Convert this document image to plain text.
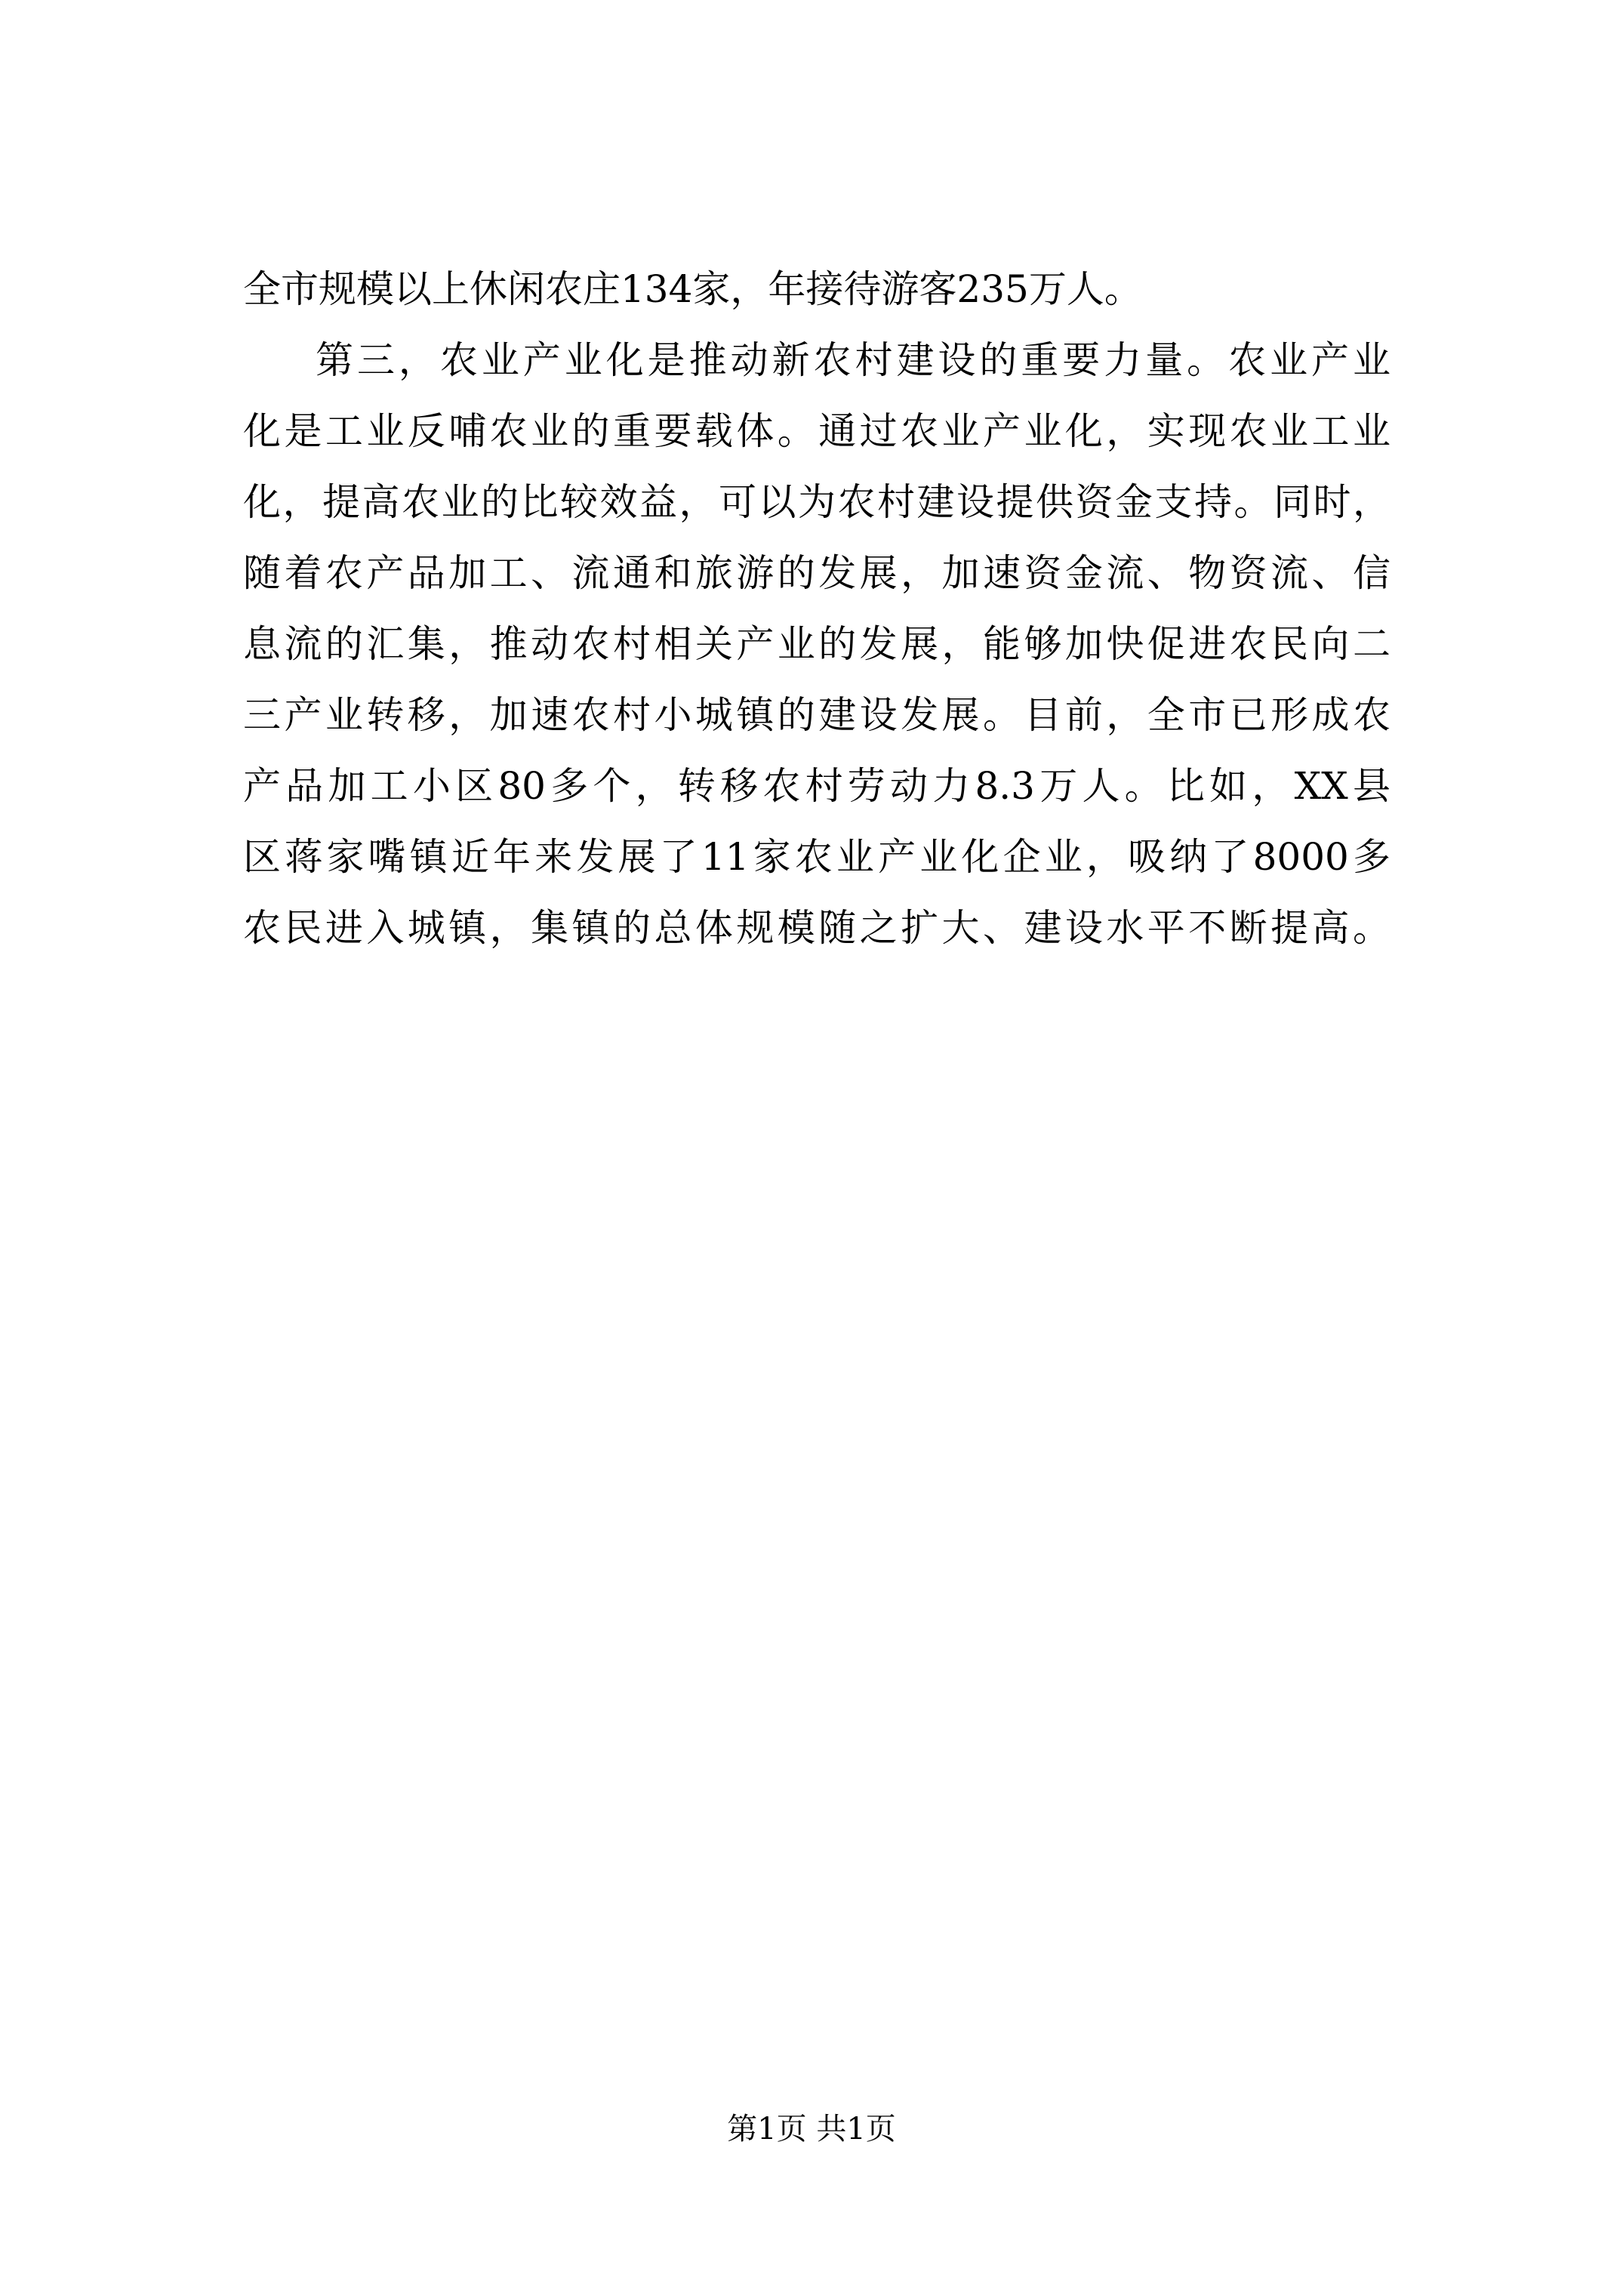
全市规模以上休闲农庄134家，年接待游客235万人。
第三，农业产业化是推动新农村建设的重要力量。农业产业
化是工业反哺农业的重要载体。通过农业产业化，实现农业工业
化，提高农业的比较效益，可以为农村建设提供资金支持。同时，
随着农产品加工、流通和旅游的发展，加速资金流、物资流、信
息流的汇集，推动农村相关产业的发展，能够加快促进农民向二
三产业转移，加速农村小城镇的建设发展。目前，全市已形成农
产品加工小区80多个，转移农村劳动力8.3万人。比如，XX县
区蒋家嘴镇近年来发展了11家农业产业化企业，吸纳了8000多
农民进入城镇，集镇的总体规模随之扩大、建设水平不断提高。
第1页 共1页
